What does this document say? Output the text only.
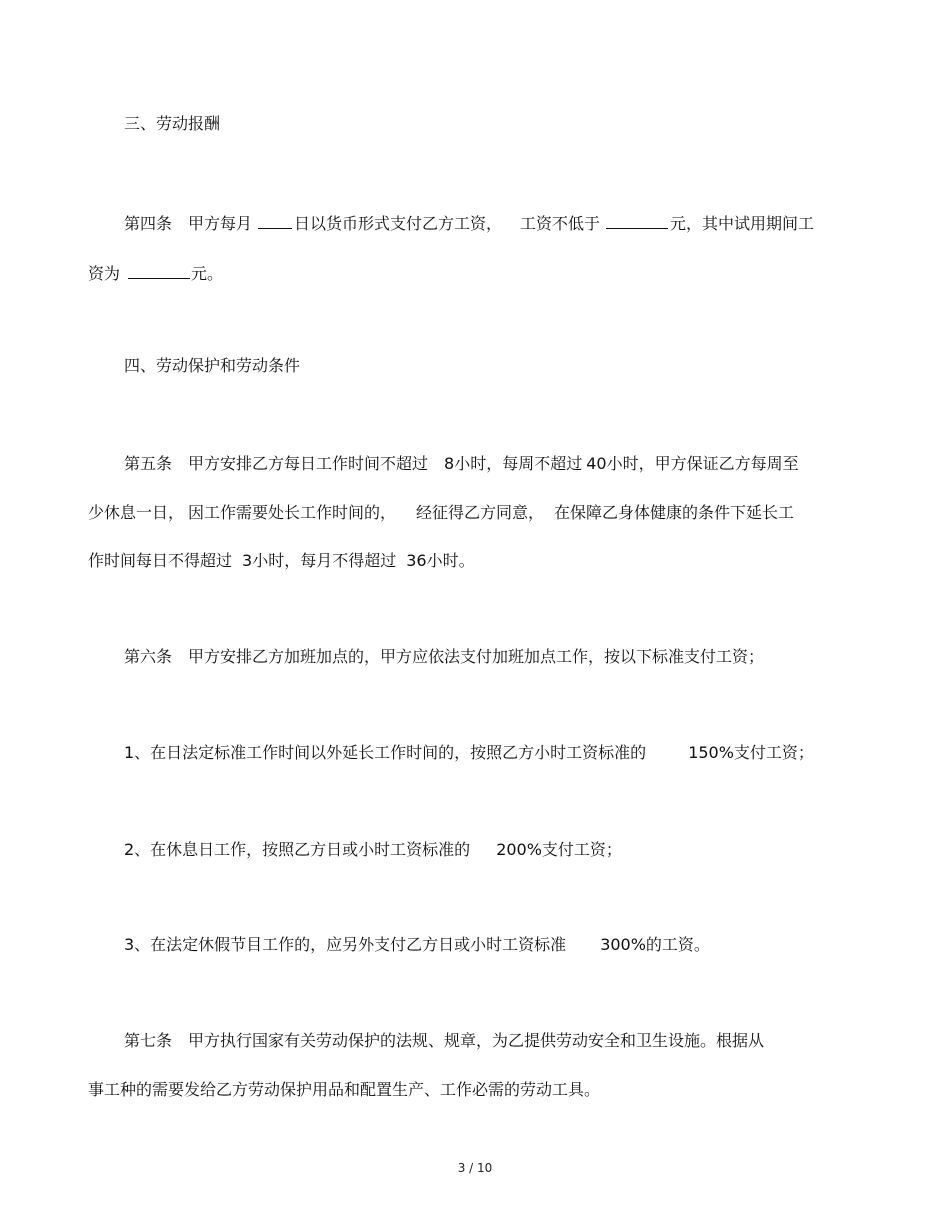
三、劳动报酬
第四条　甲方每月	日以货币形式支付乙方工资， 工资不低于	元，其中试用期间工
资为	元。
四、劳动保护和劳动条件
第五条　甲方安排乙方每日工作时间不超过 8小时，每周不超过 40小时，甲方保证乙方每周至
少休息一日， 因工作需要处长工作时间的， 经征得乙方同意， 在保障乙身体健康的条件下延长工
作时间每日不得超过 3小时，每月不得超过 36小时。
第六条　甲方安排乙方加班加点的，甲方应依法支付加班加点工作，按以下标准支付工资；
1、在日法定标准工作时间以外延长工作时间的，按照乙方小时工资标准的	150%支付工资；
2、在休息日工作，按照乙方日或小时工资标准的 200%支付工资；
3、在法定休假节目工作的，应另外支付乙方日或小时工资标准 300%的工资。
第七条　甲方执行国家有关劳动保护的法规、规章，为乙提供劳动安全和卫生设施。根据从
事工种的需要发给乙方劳动保护用品和配置生产、工作必需的劳动工具。
3 / 10
